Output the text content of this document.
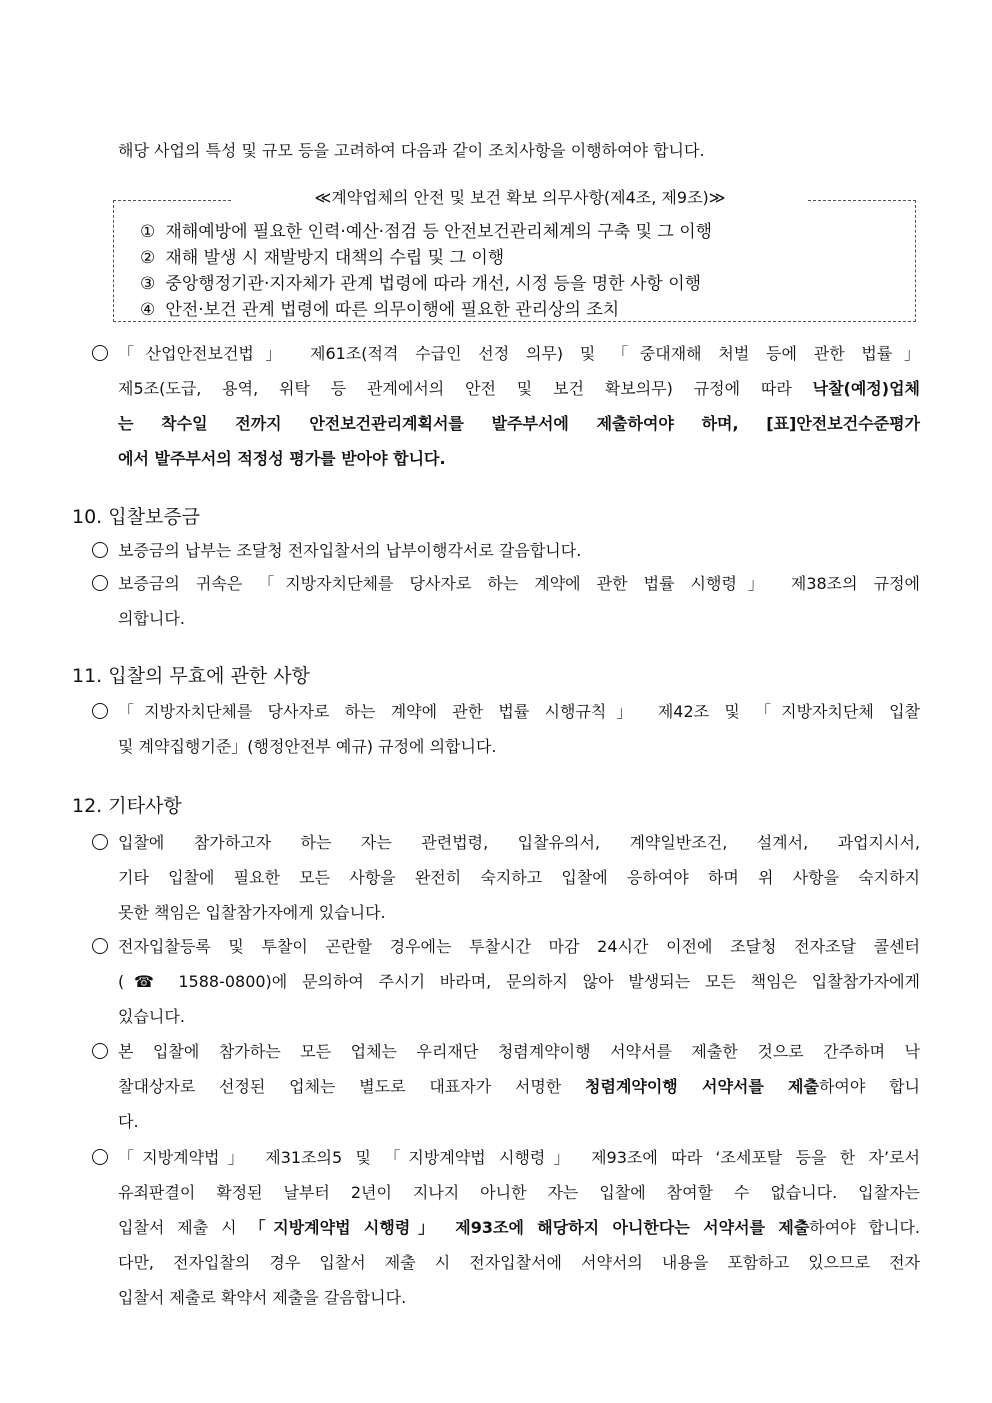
해당 사업의 특성 및 규모 등을 고려하여 다음과 같이 조치사항을 이행하여야 합니다.
≪계약업체의 안전 및 보건 확보 의무사항(제4조, 제9조)≫
① 재해예방에 필요한 인력·예산·점검 등 안전보건관리체계의 구축 및 그 이행
② 재해 발생 시 재발방지 대책의 수립 및 그 이행
③ 중앙행정기관·지자체가 관계 법령에 따라 개선, 시정 등을 명한 사항 이행
④ 안전·보건 관계 법령에 따른 의무이행에 필요한 관리상의 조치
「산업안전보건법」 제61조(적격 수급인 선정 의무) 및 「중대재해 처벌 등에 관한 법률」
제5조(도급, 용역, 위탁 등 관계에서의 안전 및 보건 확보의무) 규정에 따라 낙찰(예정)업체
는 착수일 전까지 안전보건관리계획서를 발주부서에 제출하여야 하며, [표]안전보건수준평가
에서 발주부서의 적정성 평가를 받아야 합니다.
10. 입찰보증금
보증금의 납부는 조달청 전자입찰서의 납부이행각서로 갈음합니다.
보증금의 귀속은 「지방자치단체를 당사자로 하는 계약에 관한 법률 시행령」 제38조의 규정에
의합니다.
11. 입찰의 무효에 관한 사항
「지방자치단체를 당사자로 하는 계약에 관한 법률 시행규칙」 제42조 및 「지방자치단체 입찰
및 계약집행기준」(행정안전부 예규) 규정에 의합니다.
12. 기타사항
입찰에 참가하고자 하는 자는 관련법령, 입찰유의서, 계약일반조건, 설계서, 과업지시서,
기타 입찰에 필요한 모든 사항을 완전히 숙지하고 입찰에 응하여야 하며 위 사항을 숙지하지
못한 책임은 입찰참가자에게 있습니다.
전자입찰등록 및 투찰이 곤란할 경우에는 투찰시간 마감 24시간 이전에 조달청 전자조달 콜센터
(☎ 1588-0800)에 문의하여 주시기 바라며, 문의하지 않아 발생되는 모든 책임은 입찰참가자에게
있습니다.
본 입찰에 참가하는 모든 업체는 우리재단 청렴계약이행 서약서를 제출한 것으로 간주하며 낙
찰대상자로 선정된 업체는 별도로 대표자가 서명한 청렴계약이행 서약서를 제출하여야 합니
다.
「지방계약법」 제31조의5 및 「지방계약법 시행령」 제93조에 따라 ‘조세포탈 등을 한 자’로서
유죄판결이 확정된 날부터 2년이 지나지 아니한 자는 입찰에 참여할 수 없습니다. 입찰자는
입찰서 제출 시 「지방계약법 시행령」 제93조에 해당하지 아니한다는 서약서를 제출하여야 합니다.
다만, 전자입찰의 경우 입찰서 제출 시 전자입찰서에 서약서의 내용을 포함하고 있으므로 전자
입찰서 제출로 확약서 제출을 갈음합니다.
